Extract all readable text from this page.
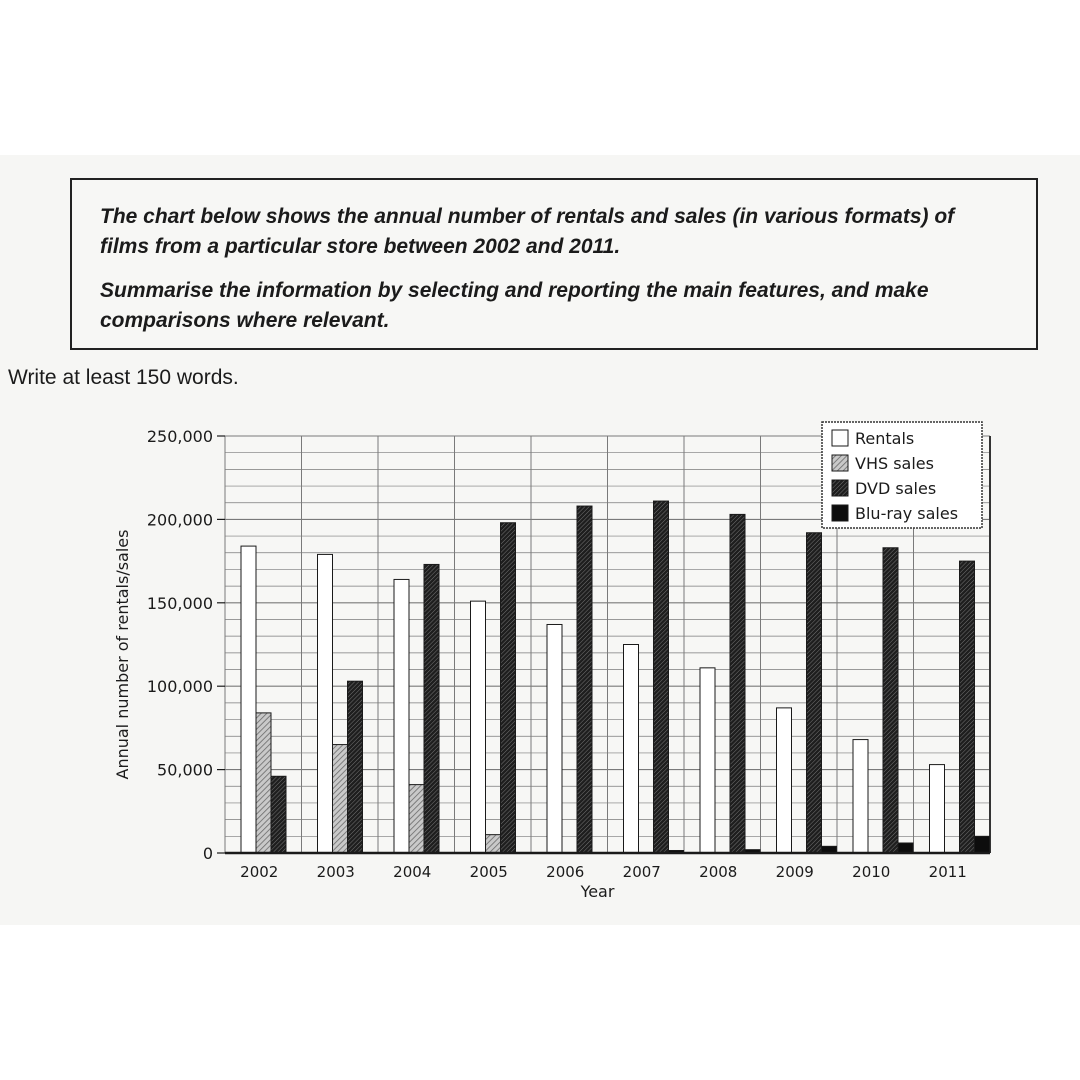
The chart below shows the annual number of rentals and sales (in various formats) of films from a particular store between 2002 and 2011.

Summarise the information by selecting and reporting the main features, and make comparisons where relevant.

Write at least 150 words.
0
50,000
100,000
150,000
200,000
250,000
2002	2003	2004	2005	2006	2007	2008	2009	2010	2011
Year
Annual number of rentals/sales
Rentals
VHS sales
DVD sales
Blu-ray sales
